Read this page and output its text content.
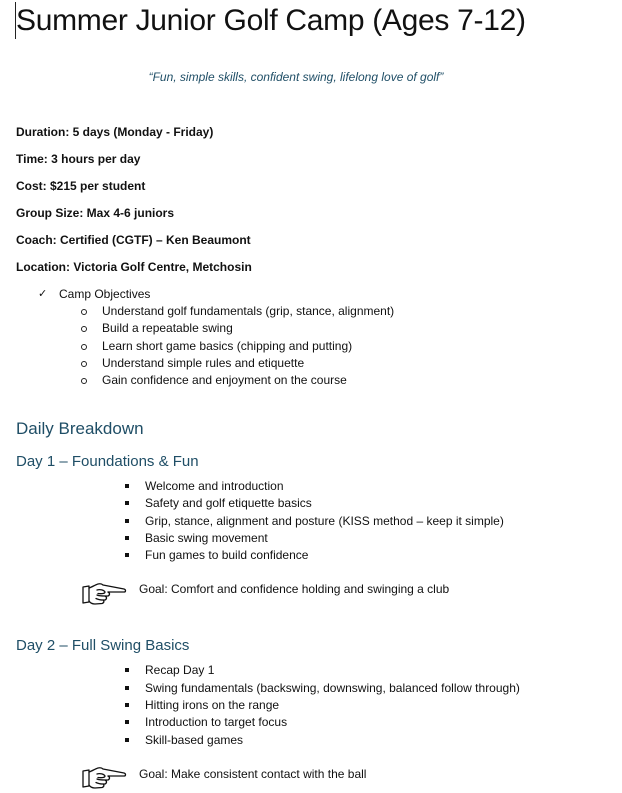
Summer Junior Golf Camp (Ages 7-12)
“Fun, simple skills, confident swing, lifelong love of golf”
Duration: 5 days (Monday - Friday)
Time: 3 hours per day
Cost: $215 per student
Group Size: Max 4-6 juniors
Coach: Certified (CGTF) – Ken Beaumont
Location: Victoria Golf Centre, Metchosin
✓ Camp Objectives
Understand golf fundamentals (grip, stance, alignment)
Build a repeatable swing
Learn short game basics (chipping and putting)
Understand simple rules and etiquette
Gain confidence and enjoyment on the course
Daily Breakdown
Day 1 – Foundations & Fun
Welcome and introduction
Safety and golf etiquette basics
Grip, stance, alignment and posture (KISS method – keep it simple)
Basic swing movement
Fun games to build confidence
Goal: Comfort and confidence holding and swinging a club
Day 2 – Full Swing Basics
Recap Day 1
Swing fundamentals (backswing, downswing, balanced follow through)
Hitting irons on the range
Introduction to target focus
Skill-based games
Goal: Make consistent contact with the ball
